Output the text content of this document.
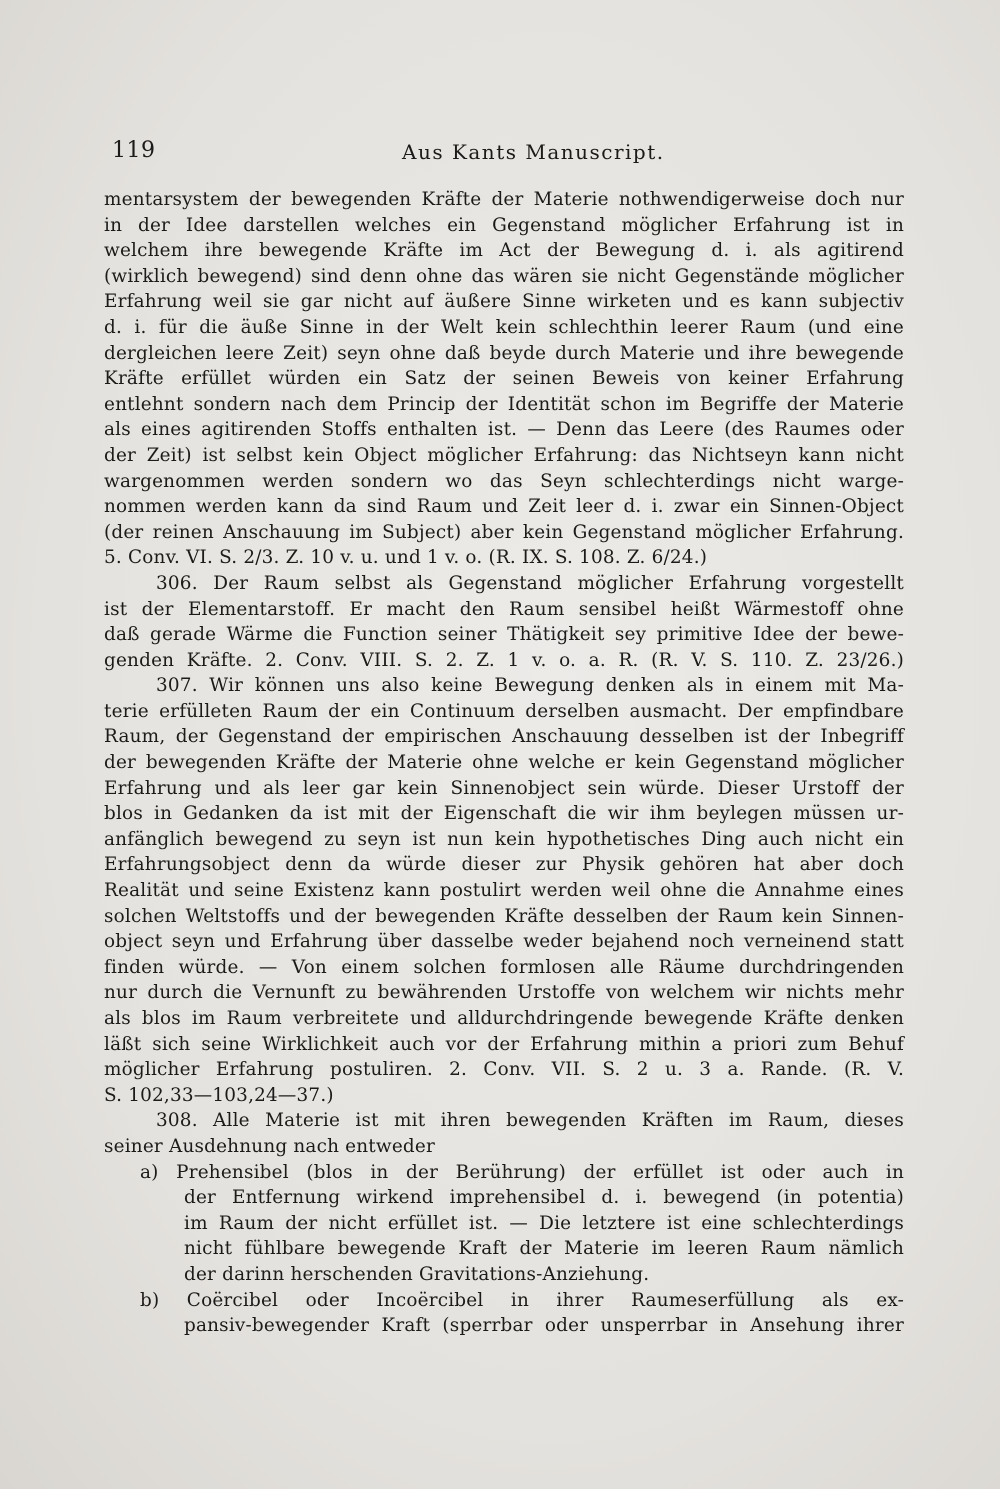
119	Aus Kants Manuscript.
mentarsystem der bewegenden Kräfte der Materie nothwendigerweise doch nur
in der Idee darstellen welches ein Gegenstand möglicher Erfahrung ist in
welchem ihre bewegende Kräfte im Act der Bewegung d. i. als agitirend
(wirklich bewegend) sind denn ohne das wären sie nicht Gegenstände möglicher
Erfahrung weil sie gar nicht auf äußere Sinne wirketen und es kann subjectiv
d. i. für die äuße Sinne in der Welt kein schlechthin leerer Raum (und eine
dergleichen leere Zeit) seyn ohne daß beyde durch Materie und ihre bewegende
Kräfte erfüllet würden ein Satz der seinen Beweis von keiner Erfahrung
entlehnt sondern nach dem Princip der Identität schon im Begriffe der Materie
als eines agitirenden Stoffs enthalten ist. — Denn das Leere (des Raumes oder
der Zeit) ist selbst kein Object möglicher Erfahrung: das Nichtseyn kann nicht
wargenommen werden sondern wo das Seyn schlechterdings nicht warge-
nommen werden kann da sind Raum und Zeit leer d. i. zwar ein Sinnen-Object
(der reinen Anschauung im Subject) aber kein Gegenstand möglicher Erfahrung.
5. Conv. VI. S. 2/3. Z. 10 v. u. und 1 v. o. (R. IX. S. 108. Z. 6/24.)
306. Der Raum selbst als Gegenstand möglicher Erfahrung vorgestellt
ist der Elementarstoff. Er macht den Raum sensibel heißt Wärmestoff ohne
daß gerade Wärme die Function seiner Thätigkeit sey primitive Idee der bewe-
genden Kräfte. 2. Conv. VIII. S. 2. Z. 1 v. o. a. R. (R. V. S. 110. Z. 23/26.)
307. Wir können uns also keine Bewegung denken als in einem mit Ma-
terie erfülleten Raum der ein Continuum derselben ausmacht. Der empfindbare
Raum, der Gegenstand der empirischen Anschauung desselben ist der Inbegriff
der bewegenden Kräfte der Materie ohne welche er kein Gegenstand möglicher
Erfahrung und als leer gar kein Sinnenobject sein würde. Dieser Urstoff der
blos in Gedanken da ist mit der Eigenschaft die wir ihm beylegen müssen ur-
anfänglich bewegend zu seyn ist nun kein hypothetisches Ding auch nicht ein
Erfahrungsobject denn da würde dieser zur Physik gehören hat aber doch
Realität und seine Existenz kann postulirt werden weil ohne die Annahme eines
solchen Weltstoffs und der bewegenden Kräfte desselben der Raum kein Sinnen-
object seyn und Erfahrung über dasselbe weder bejahend noch verneinend statt
finden würde. — Von einem solchen formlosen alle Räume durchdringenden
nur durch die Vernunft zu bewährenden Urstoffe von welchem wir nichts mehr
als blos im Raum verbreitete und alldurchdringende bewegende Kräfte denken
läßt sich seine Wirklichkeit auch vor der Erfahrung mithin a priori zum Behuf
möglicher Erfahrung postuliren. 2. Conv. VII. S. 2 u. 3 a. Rande. (R. V.
S. 102,33—103,24—37.)
308. Alle Materie ist mit ihren bewegenden Kräften im Raum, dieses
seiner Ausdehnung nach entweder
a) Prehensibel (blos in der Berührung) der erfüllet ist oder auch in
der Entfernung wirkend imprehensibel d. i. bewegend (in potentia)
im Raum der nicht erfüllet ist. — Die letztere ist eine schlechterdings
nicht fühlbare bewegende Kraft der Materie im leeren Raum nämlich
der darinn herschenden Gravitations-Anziehung.
b) Coërcibel oder Incoërcibel in ihrer Raumeserfüllung als ex-
pansiv-bewegender Kraft (sperrbar oder unsperrbar in Ansehung ihrer
